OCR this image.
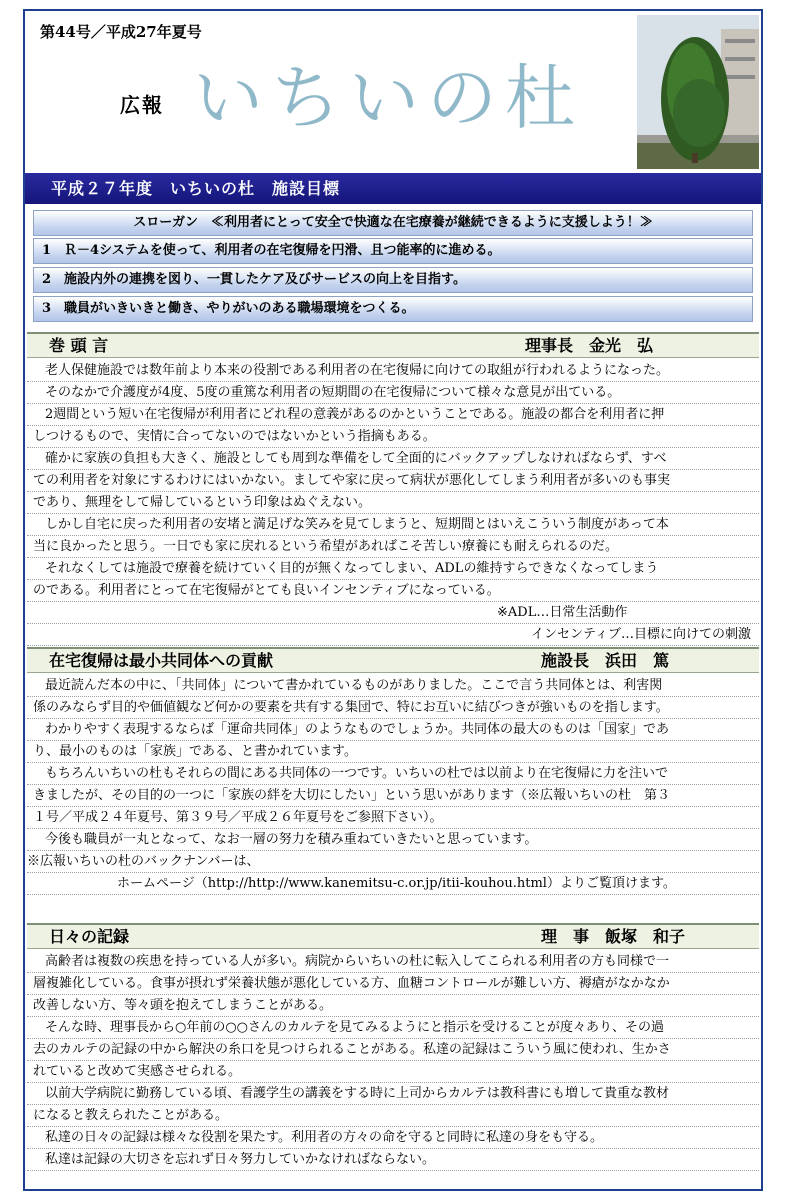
第44号／平成27年夏号
広報 いちいの杜
平成２７年度　いちいの杜　施設目標
スローガン　≪利用者にとって安全で快適な在宅療養が継続できるように支援しよう！≫
1　Ｒ－4システムを使って、利用者の在宅復帰を円滑、且つ能率的に進める。
2　施設内外の連携を図り、一貫したケア及びサービスの向上を目指す。
3　職員がいきいきと働き、やりがいのある職場環境をつくる。
巻 頭 言	理事長　金光　弘
老人保健施設では数年前より本来の役割である利用者の在宅復帰に向けての取組が行われるようになった。
そのなかで介護度が4度、5度の重篤な利用者の短期間の在宅復帰について様々な意見が出ている。
2週間という短い在宅復帰が利用者にどれ程の意義があるのかということである。施設の都合を利用者に押
しつけるもので、実情に合ってないのではないかという指摘もある。
確かに家族の負担も大きく、施設としても周到な準備をして全面的にバックアップしなければならず、すべ
ての利用者を対象にするわけにはいかない。ましてや家に戻って病状が悪化してしまう利用者が多いのも事実
であり、無理をして帰しているという印象はぬぐえない。
しかし自宅に戻った利用者の安堵と満足げな笑みを見てしまうと、短期間とはいえこういう制度があって本
当に良かったと思う。一日でも家に戻れるという希望があればこそ苦しい療養にも耐えられるのだ。
それなくしては施設で療養を続けていく目的が無くなってしまい、ADLの維持すらできなくなってしまう
のである。利用者にとって在宅復帰がとても良いインセンティブになっている。
※ADL…日常生活動作
インセンティブ…目標に向けての刺激
在宅復帰は最小共同体への貢献	施設長　浜田　篤
最近読んだ本の中に、「共同体」について書かれているものがありました。ここで言う共同体とは、利害関
係のみならず目的や価値観など何かの要素を共有する集団で、特にお互いに結びつきが強いものを指します。
わかりやすく表現するならば「運命共同体」のようなものでしょうか。共同体の最大のものは「国家」であ
り、最小のものは「家族」である、と書かれています。
もちろんいちいの杜もそれらの間にある共同体の一つです。いちいの杜では以前より在宅復帰に力を注いで
きましたが、その目的の一つに「家族の絆を大切にしたい」という思いがあります（※広報いちいの杜　第３
１号／平成２４年夏号、第３９号／平成２６年夏号をご参照下さい）。
今後も職員が一丸となって、なお一層の努力を積み重ねていきたいと思っています。
※広報いちいの杜のバックナンバーは、
ホームページ（http://http://www.kanemitsu-c.or.jp/itii-kouhou.html）よりご覧頂けます。
日々の記録	理　事　飯塚　和子
高齢者は複数の疾患を持っている人が多い。病院からいちいの杜に転入してこられる利用者の方も同様で一
層複雑化している。食事が摂れず栄養状態が悪化している方、血糖コントロールが難しい方、褥瘡がなかなか
改善しない方、等々頭を抱えてしまうことがある。
そんな時、理事長から○年前の○○さんのカルテを見てみるようにと指示を受けることが度々あり、その過
去のカルテの記録の中から解決の糸口を見つけられることがある。私達の記録はこういう風に使われ、生かさ
れていると改めて実感させられる。
以前大学病院に勤務している頃、看護学生の講義をする時に上司からカルテは教科書にも増して貴重な教材
になると教えられたことがある。
私達の日々の記録は様々な役割を果たす。利用者の方々の命を守ると同時に私達の身をも守る。
私達は記録の大切さを忘れず日々努力していかなければならない。
